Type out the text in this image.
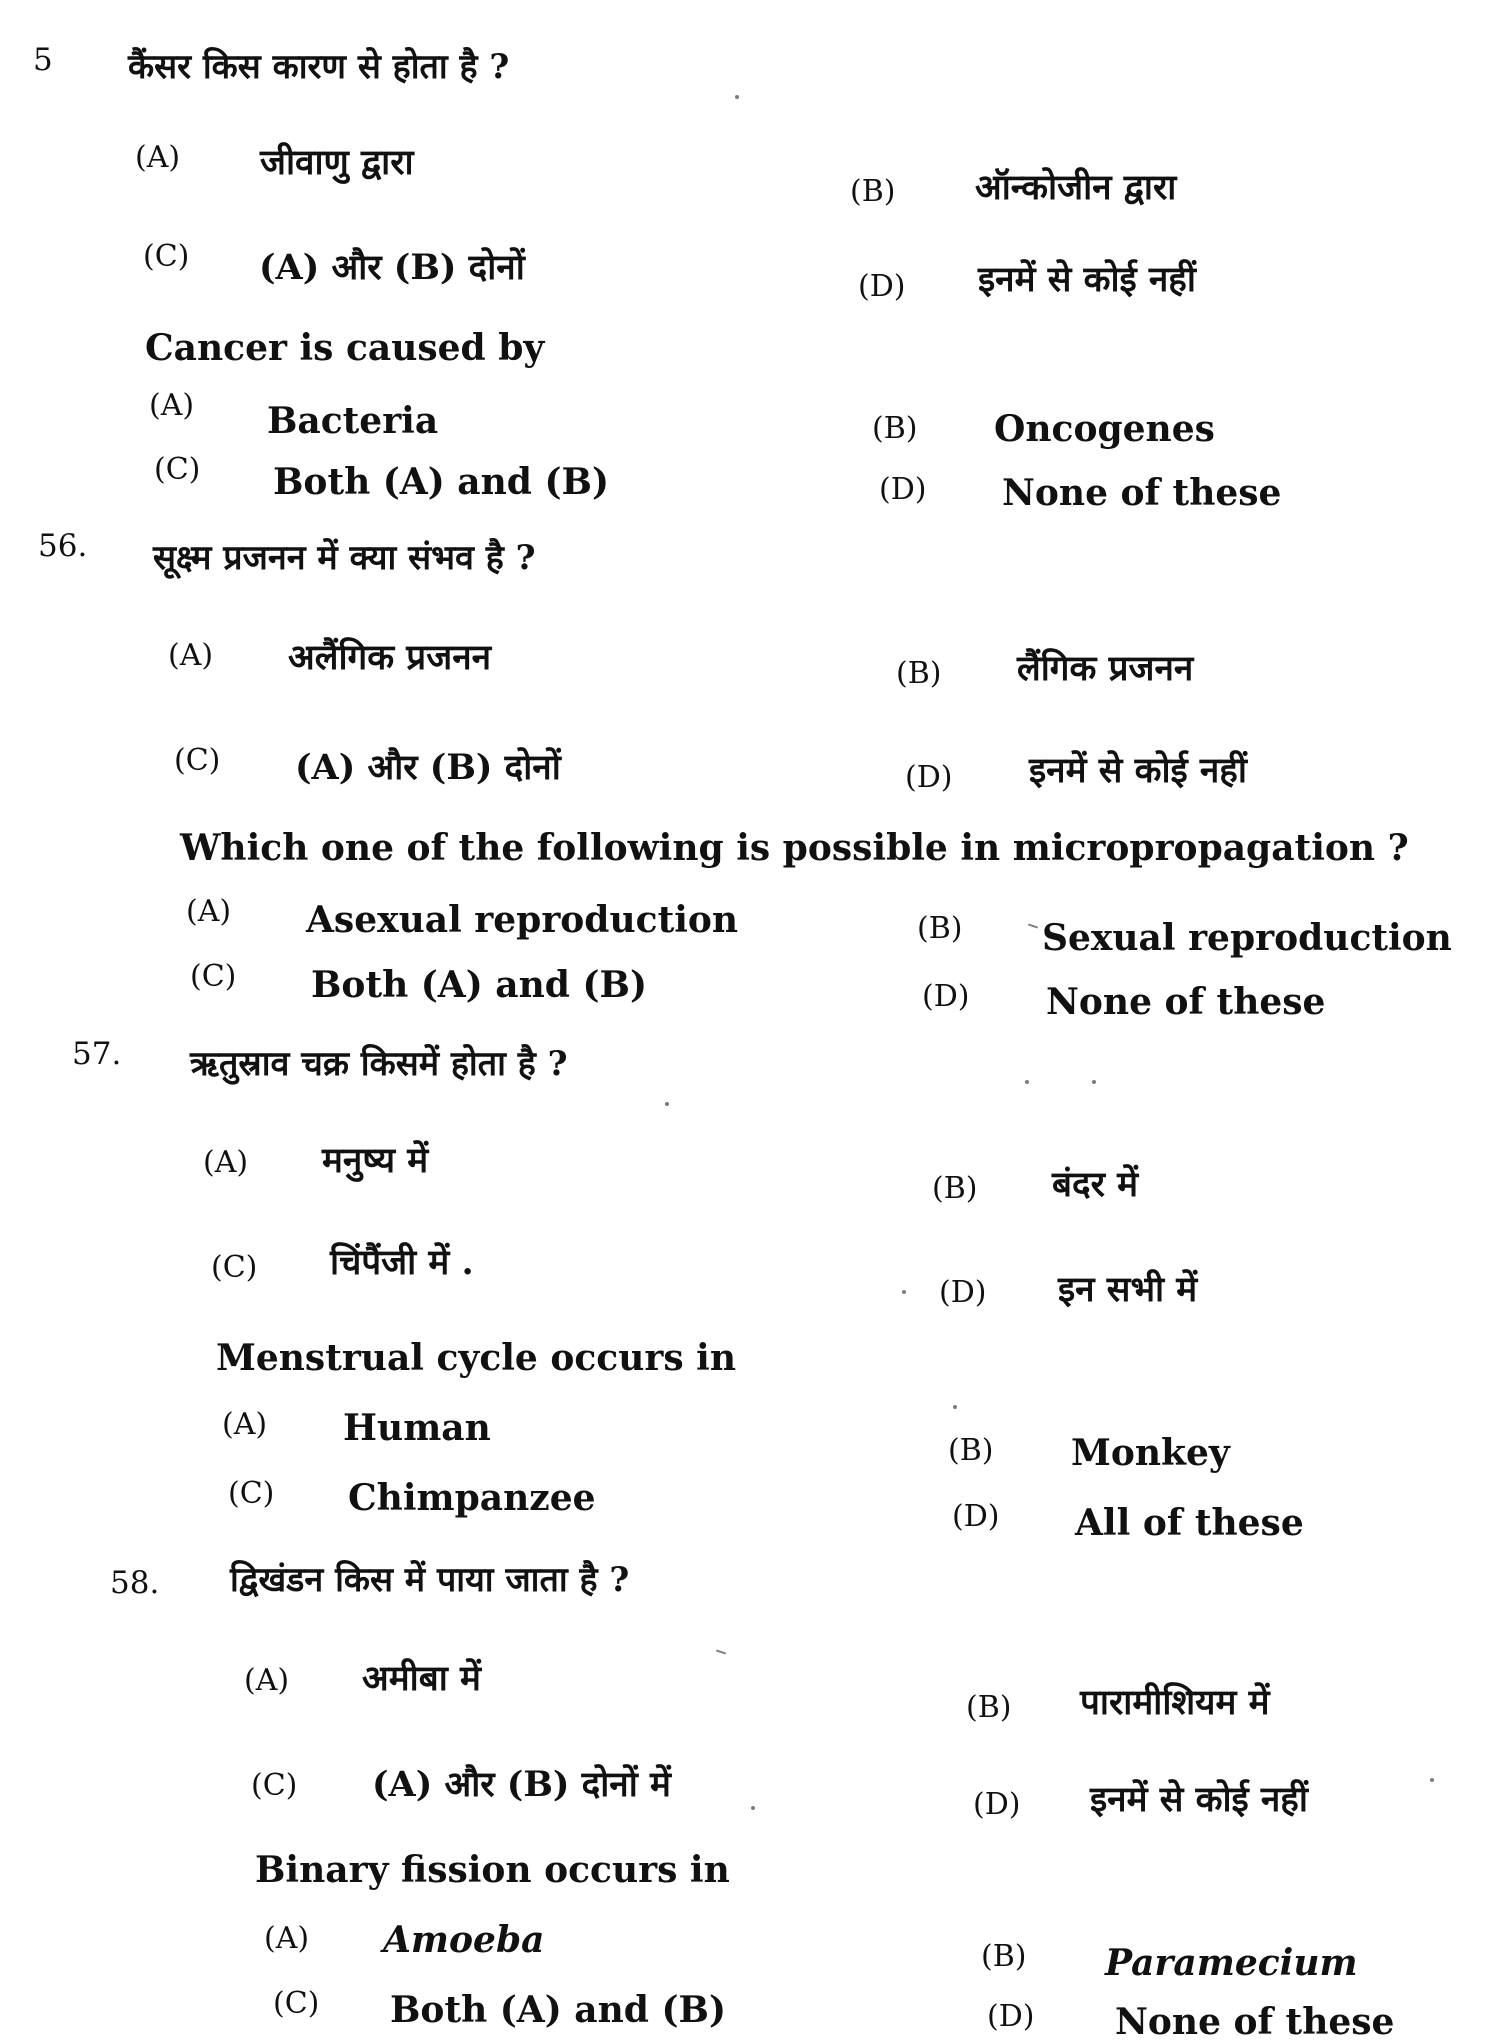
5 कैंसर किस कारण से होता है ?
(A) जीवाणु द्वारा
(B) ऑन्कोजीन द्वारा
(C) (A) और (B) दोनों	(D) इनमें से कोई नहीं
Cancer is caused by
(A) Bacteria	(B) Oncogenes
(C) Both (A) and (B)	(D) None of these
56. सूक्ष्म प्रजनन में क्या संभव है ?
(A) अलैंगिक प्रजनन	(B) लैंगिक प्रजनन
(C) (A) और (B) दोनों	(D) इनमें से कोई नहीं
Which one of the following is possible in micropropagation ?
(A) Asexual reproduction	(B) Sexual reproduction
(C) Both (A) and (B)	(D) None of these
57. ऋतुस्राव चक्र किसमें होता है ?
(A) मनुष्य में
(B) बंदर में
(C) चिंपैंजी में .
(D) इन सभी में
Menstrual cycle occurs in
(A) Human
(B) Monkey
(C) Chimpanzee	(D) All of these
58. द्विखंडन किस में पाया जाता है ?
(A) अमीबा में
(B) पारामीशियम में
(C) (A) और (B) दोनों में	(D) इनमें से कोई नहीं
Binary fission occurs in
(A) Amoeba	(B) Paramecium
(C) Both (A) and (B)	(D) None of these
